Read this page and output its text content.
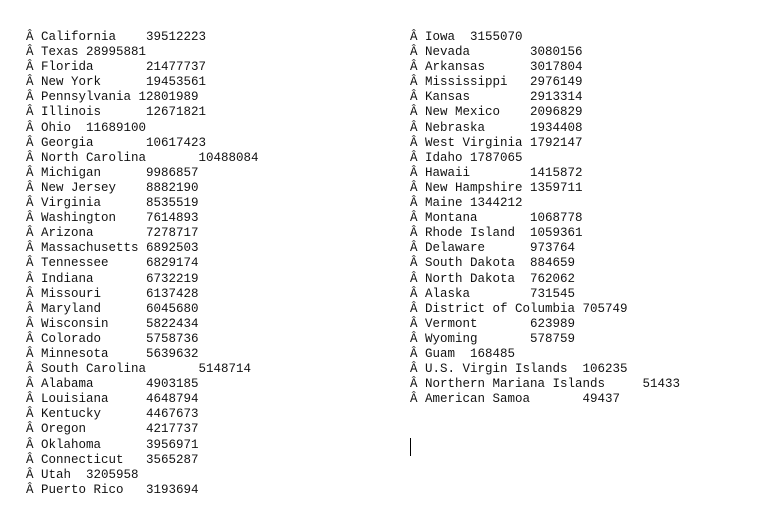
Â California    39512223
Â Texas 28995881
Â Florida       21477737
Â New York      19453561
Â Pennsylvania 12801989
Â Illinois      12671821
Â Ohio  11689100
Â Georgia       10617423
Â North Carolina       10488084
Â Michigan      9986857
Â New Jersey    8882190
Â Virginia      8535519
Â Washington    7614893
Â Arizona       7278717
Â Massachusetts 6892503
Â Tennessee     6829174
Â Indiana       6732219
Â Missouri      6137428
Â Maryland      6045680
Â Wisconsin     5822434
Â Colorado      5758736
Â Minnesota     5639632
Â South Carolina       5148714
Â Alabama       4903185
Â Louisiana     4648794
Â Kentucky      4467673
Â Oregon        4217737
Â Oklahoma      3956971
Â Connecticut   3565287
Â Utah  3205958
Â Puerto Rico   3193694
Â Iowa  3155070
Â Nevada        3080156
Â Arkansas      3017804
Â Mississippi   2976149
Â Kansas        2913314
Â New Mexico    2096829
Â Nebraska      1934408
Â West Virginia 1792147
Â Idaho 1787065
Â Hawaii        1415872
Â New Hampshire 1359711
Â Maine 1344212
Â Montana       1068778
Â Rhode Island  1059361
Â Delaware      973764
Â South Dakota  884659
Â North Dakota  762062
Â Alaska        731545
Â District of Columbia 705749
Â Vermont       623989
Â Wyoming       578759
Â Guam  168485
Â U.S. Virgin Islands  106235
Â Northern Mariana Islands     51433
Â American Samoa       49437
